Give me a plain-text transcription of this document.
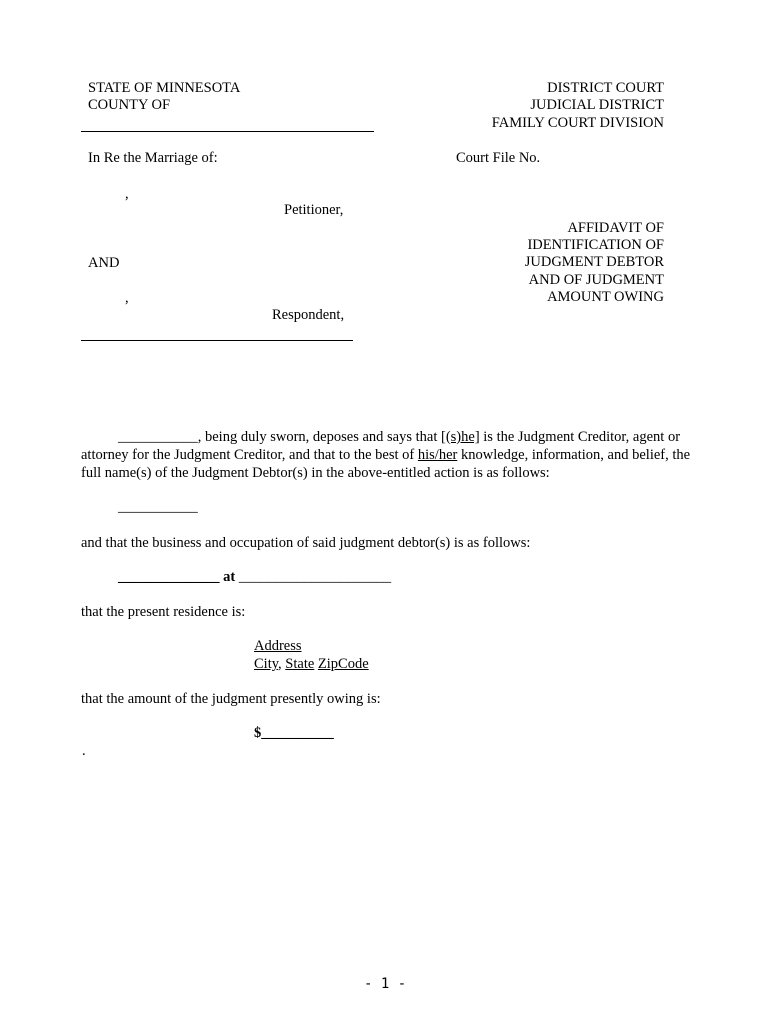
STATE OF MINNESOTA
COUNTY OF
DISTRICT COURT
JUDICIAL DISTRICT
FAMILY COURT DIVISION
In Re the Marriage of:	Court File No.
,
Petitioner,
AND
,
Respondent,
AFFIDAVIT OF
IDENTIFICATION OF
JUDGMENT DEBTOR
AND OF JUDGMENT
AMOUNT OWING
___________, being duly sworn, deposes and says that [(s)he] is the Judgment Creditor, agent or attorney for the Judgment Creditor, and that to the best of his/her knowledge, information, and belief, the full name(s) of the Judgment Debtor(s) in the above-entitled action is as follows:
___________
and that the business and occupation of said judgment debtor(s) is as follows:
______________ at _____________________
that the present residence is:
Address
City, State ZipCode
that the amount of the judgment presently owing is:
$__________
.
- 1 -
